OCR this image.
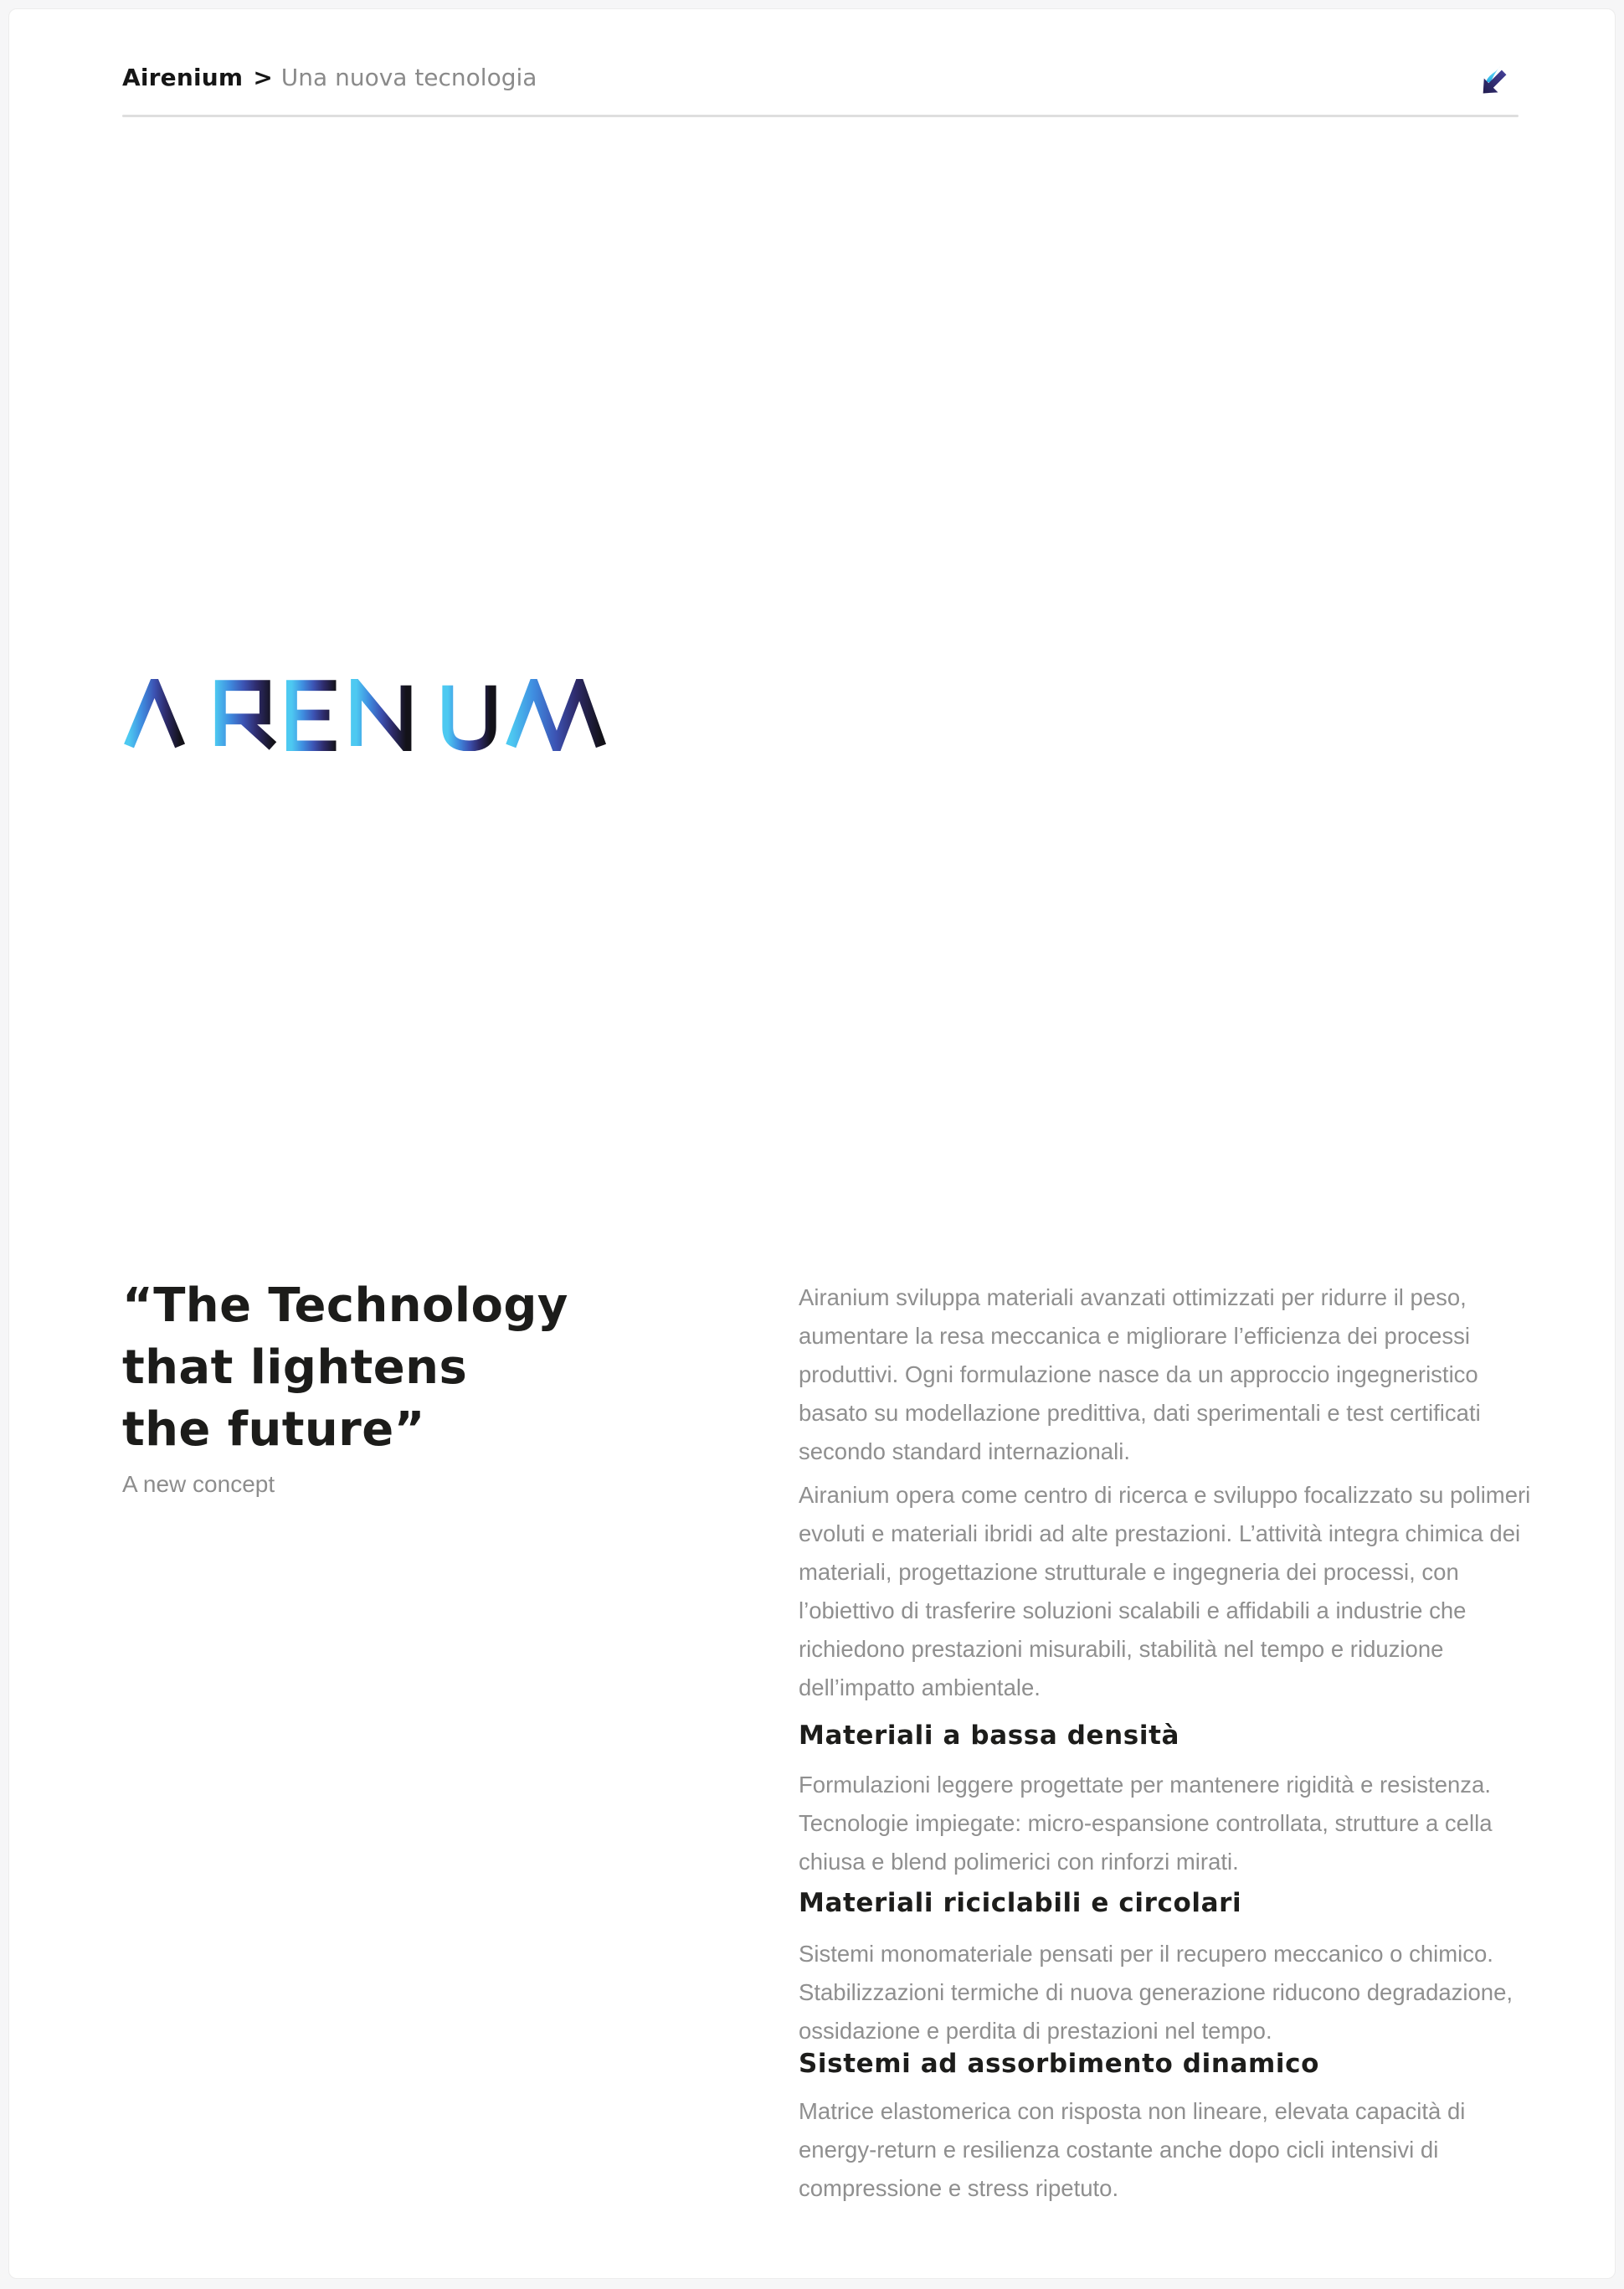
Airenium > Una nuova tecnologia
“The Technology
that lightens
the future”
A new concept

Airanium sviluppa materiali avanzati ottimizzati per ridurre il peso, aumentare la resa meccanica e migliorare l’efficienza dei processi produttivi. Ogni formulazione nasce da un approccio ingegneristico basato su modellazione predittiva, dati sperimentali e test certificati secondo standard internazionali.

Airanium opera come centro di ricerca e sviluppo focalizzato su polimeri evoluti e materiali ibridi ad alte prestazioni. L’attività integra chimica dei materiali, progettazione strutturale e ingegneria dei processi, con l’obiettivo di trasferire soluzioni scalabili e affidabili a industrie che richiedono prestazioni misurabili, stabilità nel tempo e riduzione dell’impatto ambientale.

Materiali a bassa densità

Formulazioni leggere progettate per mantenere rigidità e resistenza. Tecnologie impiegate: micro-espansione controllata, strutture a cella chiusa e blend polimerici con rinforzi mirati.

Materiali riciclabili e circolari

Sistemi monomateriale pensati per il recupero meccanico o chimico. Stabilizzazioni termiche di nuova generazione riducono degradazione, ossidazione e perdita di prestazioni nel tempo.

Sistemi ad assorbimento dinamico

Matrice elastomerica con risposta non lineare, elevata capacità di energy-return e resilienza costante anche dopo cicli intensivi di compressione e stress ripetuto.
